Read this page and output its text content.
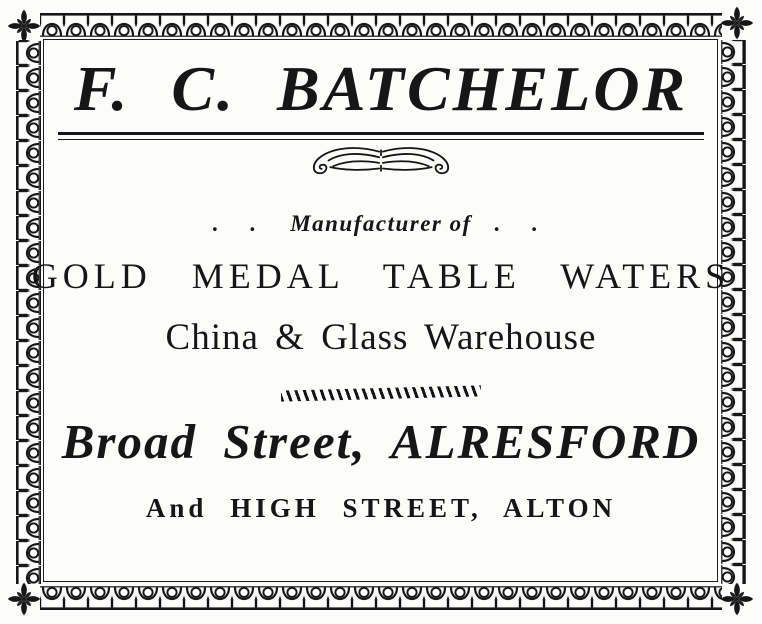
F. C. BATCHELOR
. . Manufacturer of . .
GOLD MEDAL TABLE WATERS
China & Glass Warehouse
Broad Street, ALRESFORD
And HIGH STREET, ALTON
